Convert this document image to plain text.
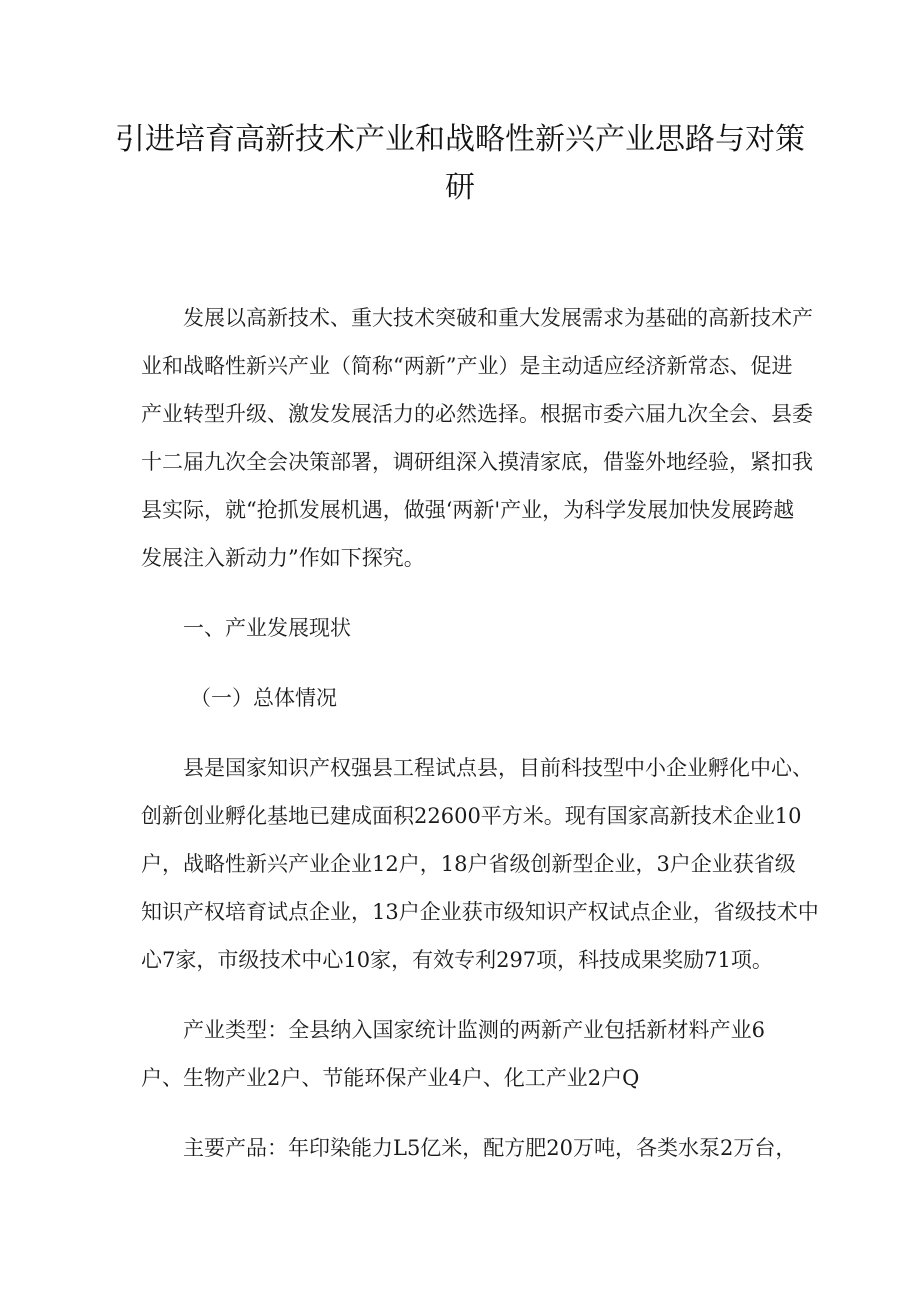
引进培育高新技术产业和战略性新兴产业思路与对策
研

发展以高新技术、重大技术突破和重大发展需求为基础的高新技术产

业和战略性新兴产业（简称“两新”产业）是主动适应经济新常态、促进

产业转型升级、激发发展活力的必然选择。根据市委六届九次全会、县委

十二届九次全会决策部署，调研组深入摸清家底，借鉴外地经验，紧扣我

县实际，就“抢抓发展机遇，做强‘两新'产业，为科学发展加快发展跨越

发展注入新动力”作如下探究。

一、产业发展现状

（一）总体情况

县是国家知识产权强县工程试点县，目前科技型中小企业孵化中心、

创新创业孵化基地已建成面积22600平方米。现有国家高新技术企业10

户，战略性新兴产业企业12户，18户省级创新型企业，3户企业获省级

知识产权培育试点企业，13户企业获市级知识产权试点企业，省级技术中

心7家，市级技术中心10家，有效专利297项，科技成果奖励71项。

产业类型：全县纳入国家统计监测的两新产业包括新材料产业6

户、生物产业2户、节能环保产业4户、化工产业2户Q

主要产品：年印染能力L5亿米，配方肥20万吨，各类水泵2万台，
